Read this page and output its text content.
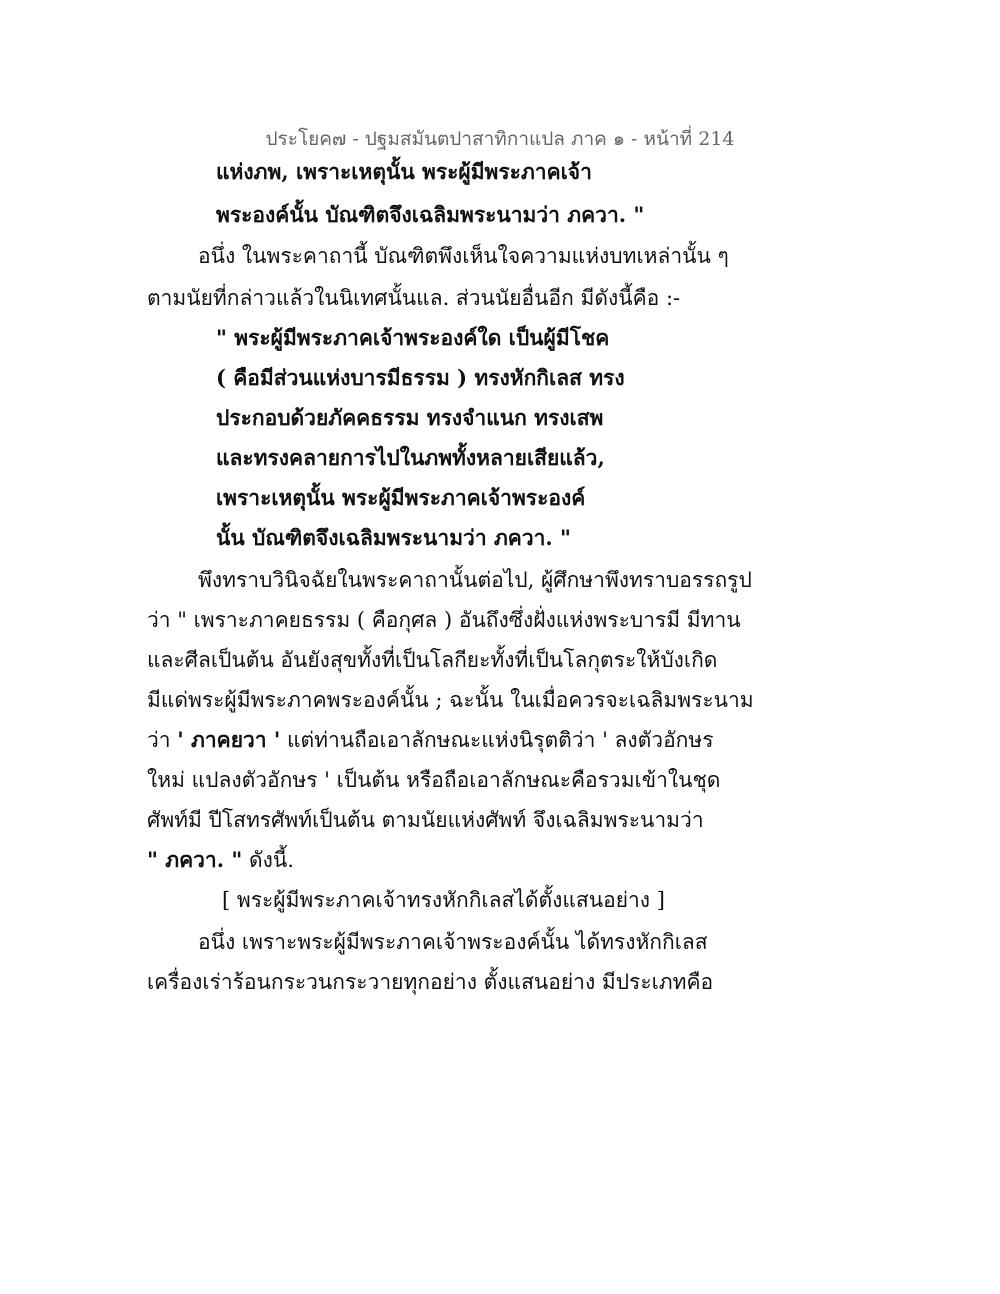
ประโยค๗ - ปฐมสมันตปาสาทิกาแปล ภาค ๑ - หน้าที่ 214
แห่งภพ, เพราะเหตุนั้น พระผู้มีพระภาคเจ้า
พระองค์นั้น บัณฑิตจึงเฉลิมพระนามว่า ภควา. "
อนึ่ง ในพระคาถานี้ บัณฑิตพึงเห็นใจความแห่งบทเหล่านั้น ๆ
ตามนัยที่กล่าวแล้วในนิเทศนั้นแล. ส่วนนัยอื่นอีก มีดังนี้คือ :-
" พระผู้มีพระภาคเจ้าพระองค์ใด เป็นผู้มีโชค
( คือมีส่วนแห่งบารมีธรรม ) ทรงหักกิเลส ทรง
ประกอบด้วยภัคคธรรม ทรงจำแนก ทรงเสพ
และทรงคลายการไปในภพทั้งหลายเสียแล้ว,
เพราะเหตุนั้น พระผู้มีพระภาคเจ้าพระองค์
นั้น บัณฑิตจึงเฉลิมพระนามว่า ภควา. "
พึงทราบวินิจฉัยในพระคาถานั้นต่อไป, ผู้ศึกษาพึงทราบอรรถรูป
ว่า " เพราะภาคยธรรม ( คือกุศล ) อันถึงซึ่งฝั่งแห่งพระบารมี มีทาน
และศีลเป็นต้น อันยังสุขทั้งที่เป็นโลกียะทั้งที่เป็นโลกุตระให้บังเกิด
มีแด่พระผู้มีพระภาคพระองค์นั้น ; ฉะนั้น ในเมื่อควรจะเฉลิมพระนาม
ว่า ' ภาคยวา ' แต่ท่านถือเอาลักษณะแห่งนิรุตติว่า ' ลงตัวอักษร
ใหม่ แปลงตัวอักษร ' เป็นต้น หรือถือเอาลักษณะคือรวมเข้าในชุด
ศัพท์มี ปีโสทรศัพท์เป็นต้น ตามนัยแห่งศัพท์ จึงเฉลิมพระนามว่า
" ภควา. " ดังนี้.
[ พระผู้มีพระภาคเจ้าทรงหักกิเลสได้ตั้งแสนอย่าง ]
อนึ่ง เพราะพระผู้มีพระภาคเจ้าพระองค์นั้น ได้ทรงหักกิเลส
เครื่องเร่าร้อนกระวนกระวายทุกอย่าง ตั้งแสนอย่าง มีประเภทคือ
